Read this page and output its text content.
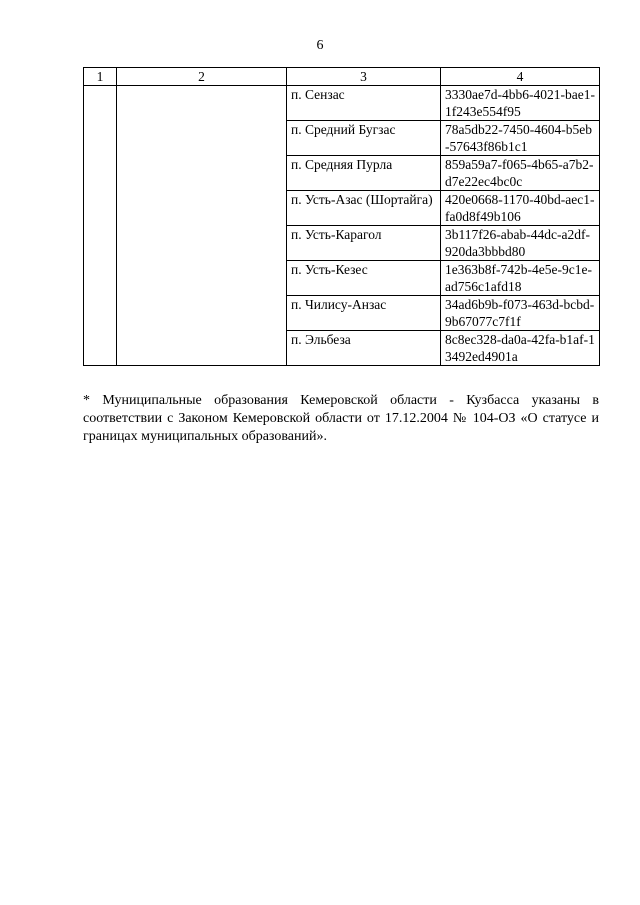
6
1	2	3	4
		п. Сензас	3330ae7d-4bb6-4021-bae1-1f243e554f95
		п. Средний Бугзас	78a5db22-7450-4604-b5eb-57643f86b1c1
		п. Средняя Пурла	859a59a7-f065-4b65-a7b2-d7e22ec4bc0c
		п. Усть-Азас (Шортайга)	420e0668-1170-40bd-aec1-fa0d8f49b106
		п. Усть-Карагол	3b117f26-abab-44dc-a2df-920da3bbbd80
		п. Усть-Кезес	1e363b8f-742b-4e5e-9c1e-ad756c1afd18
		п. Чилису-Анзас	34ad6b9b-f073-463d-bcbd-9b67077c7f1f
		п. Эльбеза	8c8ec328-da0a-42fa-b1af-13492ed4901a

* Муниципальные образования Кемеровской области - Кузбасса указаны в соответствии с Законом Кемеровской области от 17.12.2004 № 104-ОЗ «О статусе и границах муниципальных образований».
